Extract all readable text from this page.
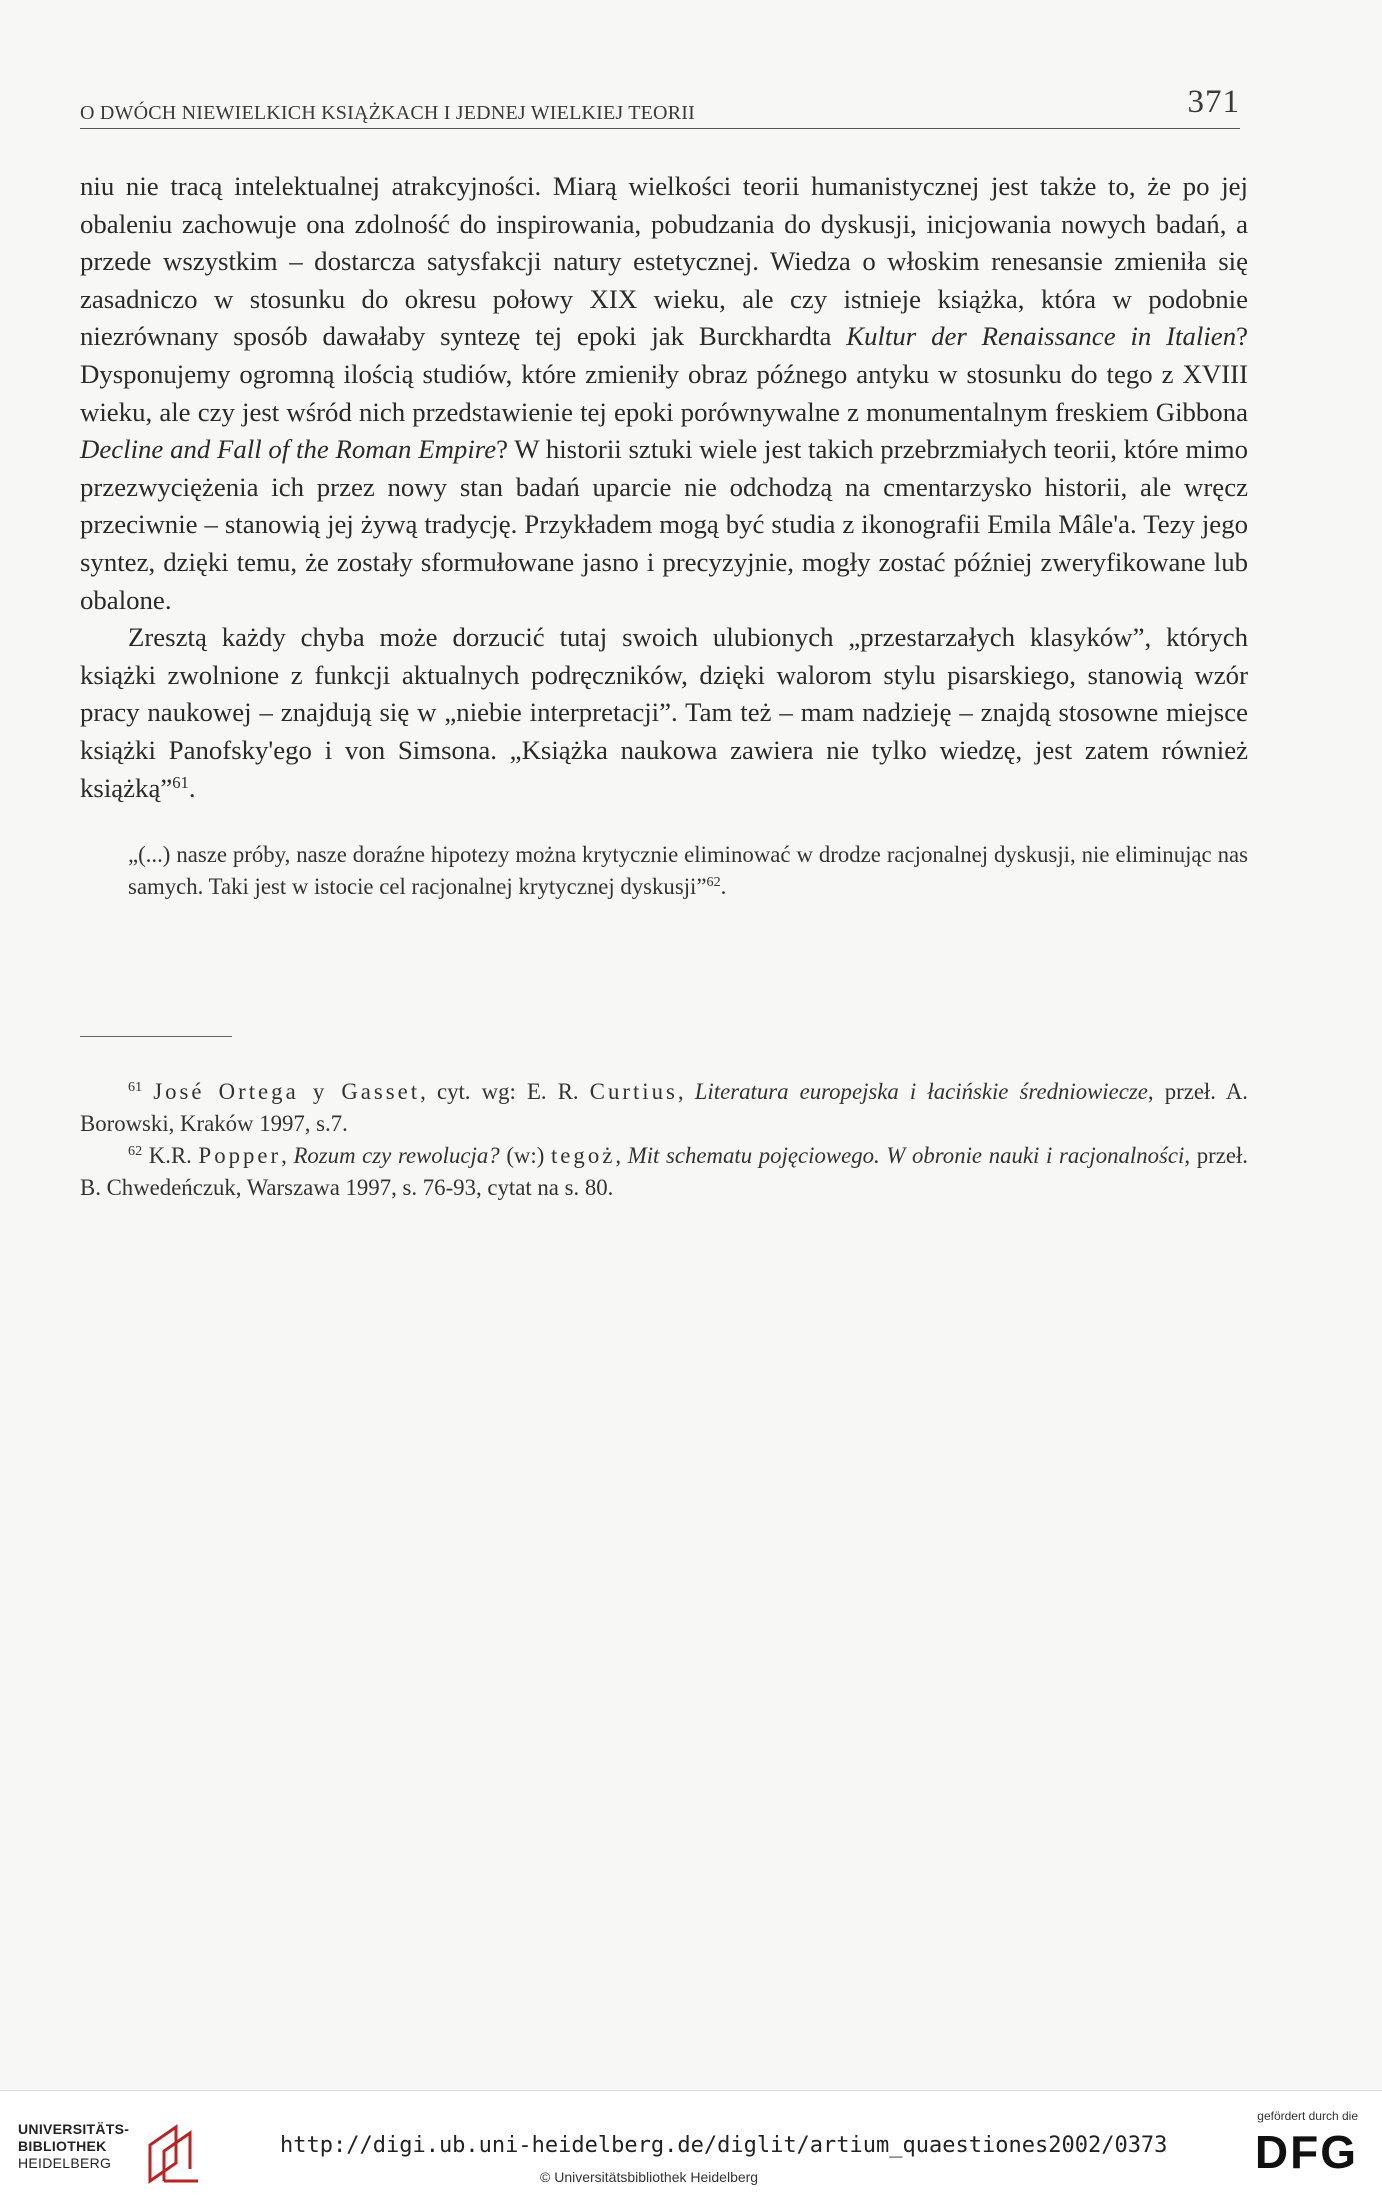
O DWÓCH NIEWIELKICH KSIĄŻKACH I JEDNEJ WIELKIEJ TEORII	371

niu nie tracą intelektualnej atrakcyjności. Miarą wielkości teorii humanistycznej jest także to, że po jej obaleniu zachowuje ona zdolność do inspirowania, pobudzania do dyskusji, inicjowania nowych badań, a przede wszystkim – dostarcza satysfakcji natury estetycznej. Wiedza o włoskim renesansie zmieniła się zasadniczo w stosunku do okresu połowy XIX wieku, ale czy istnieje książka, która w podobnie niezrównany sposób dawałaby syntezę tej epoki jak Burckhardta Kultur der Renaissance in Italien? Dysponujemy ogromną ilością studiów, które zmieniły obraz późnego antyku w stosunku do tego z XVIII wieku, ale czy jest wśród nich przedstawienie tej epoki porównywalne z monumentalnym freskiem Gibbona Decline and Fall of the Roman Empire? W historii sztuki wiele jest takich przebrzmiałych teorii, które mimo przezwyciężenia ich przez nowy stan badań uparcie nie odchodzą na cmentarzysko historii, ale wręcz przeciwnie – stanowią jej żywą tradycję. Przykładem mogą być studia z ikonografii Emila Mâle'a. Tezy jego syntez, dzięki temu, że zostały sformułowane jasno i precyzyjnie, mogły zostać później zweryfikowane lub obalone.

Zresztą każdy chyba może dorzucić tutaj swoich ulubionych „przestarzałych klasyków”, których książki zwolnione z funkcji aktualnych podręczników, dzięki walorom stylu pisarskiego, stanowią wzór pracy naukowej – znajdują się w „niebie interpretacji”. Tam też – mam nadzieję – znajdą stosowne miejsce książki Panofsky'ego i von Simsona. „Książka naukowa zawiera nie tylko wiedzę, jest zatem również książką”$^{61}$.

„(...) nasze próby, nasze doraźne hipotezy można krytycznie eliminować w drodze racjonalnej dyskusji, nie eliminując nas samych. Taki jest w istocie cel racjonalnej krytycznej dyskusji”$^{62}$.

$^{61}$ José Ortega y Gasset, cyt. wg: E. R. Curtius, Literatura europejska i łacińskie średniowiecze, przeł. A. Borowski, Kraków 1997, s.7.

$^{62}$ K.R. Popper, Rozum czy rewolucja? (w:) tegoż, Mit schematu pojęciowego. W obronie nauki i racjonalności, przeł. B. Chwedeńczuk, Warszawa 1997, s. 76-93, cytat na s. 80.

UNIVERSITÄTS-
BIBLIOTHEK
HEIDELBERG
http://digi.ub.uni-heidelberg.de/diglit/artium_quaestiones2002/0373
© Universitätsbibliothek Heidelberg
gefördert durch die
DFG
